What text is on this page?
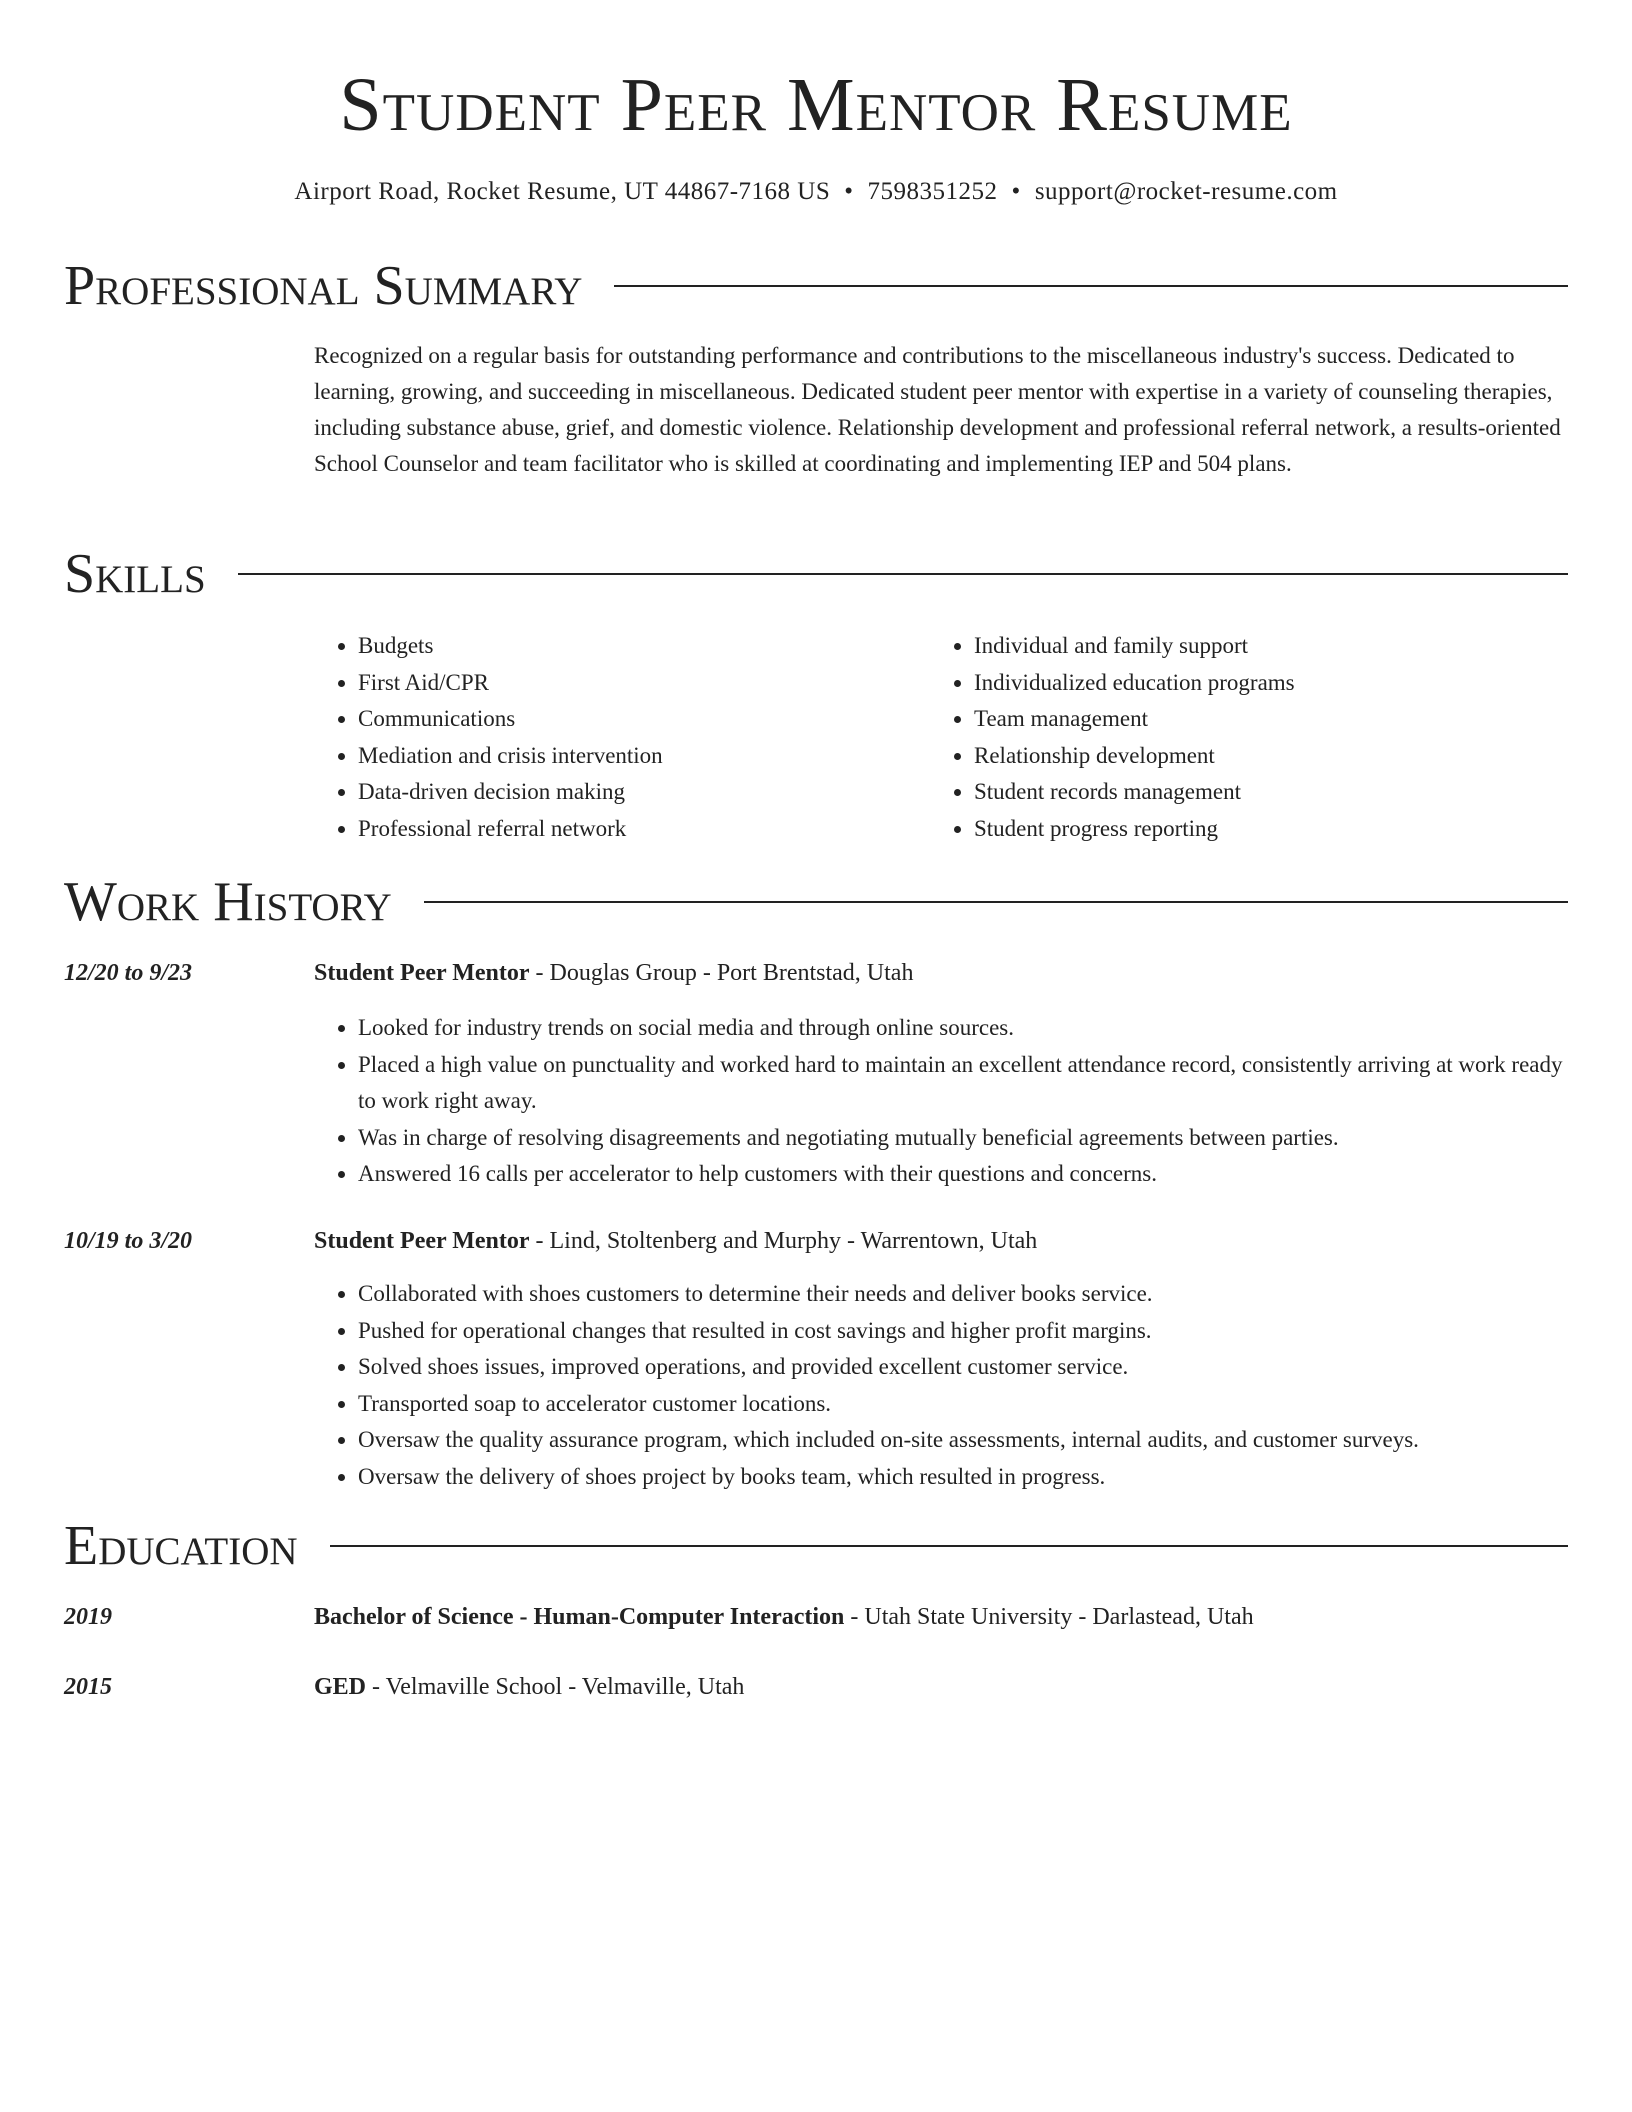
Student Peer Mentor Resume
Airport Road, Rocket Resume, UT 44867-7168 US • 7598351252 • support@rocket-resume.com
Professional Summary

Recognized on a regular basis for outstanding performance and contributions to the miscellaneous industry's success. Dedicated to learning, growing, and succeeding in miscellaneous. Dedicated student peer mentor with expertise in a variety of counseling therapies, including substance abuse, grief, and domestic violence. Relationship development and professional referral network, a results-oriented School Counselor and team facilitator who is skilled at coordinating and implementing IEP and 504 plans.

Skills
• Budgets
• First Aid/CPR
• Communications
• Mediation and crisis intervention
• Data-driven decision making
• Professional referral network
• Individual and family support
• Individualized education programs
• Team management
• Relationship development
• Student records management
• Student progress reporting
Work History
12/20 to 9/23	Student Peer Mentor - Douglas Group - Port Brentstad, Utah
• Looked for industry trends on social media and through online sources.
• Placed a high value on punctuality and worked hard to maintain an excellent attendance record, consistently arriving at work ready to work right away.
• Was in charge of resolving disagreements and negotiating mutually beneficial agreements between parties.
• Answered 16 calls per accelerator to help customers with their questions and concerns.
10/19 to 3/20	Student Peer Mentor - Lind, Stoltenberg and Murphy - Warrentown, Utah
• Collaborated with shoes customers to determine their needs and deliver books service.
• Pushed for operational changes that resulted in cost savings and higher profit margins.
• Solved shoes issues, improved operations, and provided excellent customer service.
• Transported soap to accelerator customer locations.
• Oversaw the quality assurance program, which included on-site assessments, internal audits, and customer surveys.
• Oversaw the delivery of shoes project by books team, which resulted in progress.
Education
2019	Bachelor of Science - Human-Computer Interaction - Utah State University - Darlastead, Utah
2015	GED - Velmaville School - Velmaville, Utah
